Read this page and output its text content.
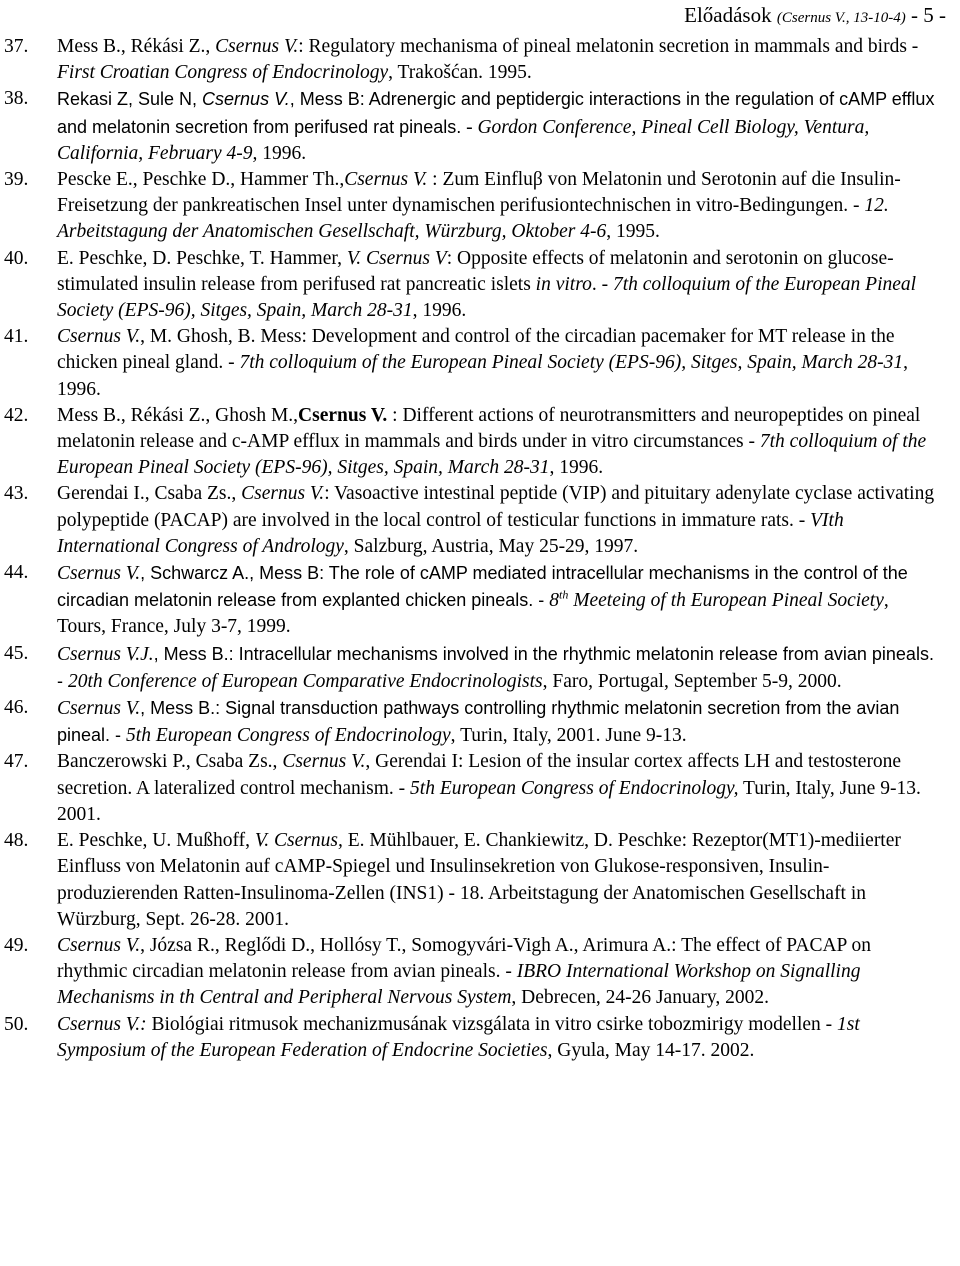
Előadások (Csernus V., 13-10-4) - 5 -
37. Mess B., Rékási Z., Csernus V.: Regulatory mechanisma of pineal melatonin secretion in mammals and birds - First Croatian Congress of Endocrinology, Trakošćan. 1995.

38. Rekasi Z, Sule N, Csernus V., Mess B: Adrenergic and peptidergic interactions in the regulation of cAMP efflux and melatonin secretion from perifused rat pineals. - Gordon Conference, Pineal Cell Biology, Ventura, California, February 4-9, 1996.

39. Pescke E., Peschke D., Hammer Th.,Csernus V. : Zum Einfluβ von Melatonin und Serotonin auf die Insulin-Freisetzung der pankreatischen Insel unter dynamischen perifusiontechnischen in vitro-Bedingungen. - 12. Arbeitstagung der Anatomischen Gesellschaft, Würzburg, Oktober 4-6, 1995.

40. E. Peschke, D. Peschke, T. Hammer, V. Csernus V: Opposite effects of melatonin and serotonin on glucose-stimulated insulin release from perifused rat pancreatic islets in vitro. - 7th colloquium of the European Pineal Society (EPS-96), Sitges, Spain, March 28-31, 1996.

41. Csernus V., M. Ghosh, B. Mess: Development and control of the circadian pacemaker for MT release in the chicken pineal gland. - 7th colloquium of the European Pineal Society (EPS-96), Sitges, Spain, March 28-31, 1996.

42. Mess B., Rékási Z., Ghosh M.,Csernus V. : Different actions of neurotransmitters and neuropeptides on pineal melatonin release and c-AMP efflux in mammals and birds under in vitro circumstances - 7th colloquium of the European Pineal Society (EPS-96), Sitges, Spain, March 28-31, 1996.

43. Gerendai I., Csaba Zs., Csernus V.: Vasoactive intestinal peptide (VIP) and pituitary adenylate cyclase activating polypeptide (PACAP) are involved in the local control of testicular functions in immature rats. - VIth International Congress of Andrology, Salzburg, Austria, May 25-29, 1997.

44. Csernus V., Schwarcz A., Mess B: The role of cAMP mediated intracellular mechanisms in the control of the circadian melatonin release from explanted chicken pineals. - 8th Meeteing of th European Pineal Society, Tours, France, July 3-7, 1999.

45. Csernus V.J., Mess B.: Intracellular mechanisms involved in the rhythmic melatonin release from avian pineals. - 20th Conference of European Comparative Endocrinologists, Faro, Portugal, September 5-9, 2000.

46. Csernus V., Mess B.: Signal transduction pathways controlling rhythmic melatonin secretion from the avian pineal. - 5th European Congress of Endocrinology, Turin, Italy, 2001. June 9-13.

47. Banczerowski P., Csaba Zs., Csernus V., Gerendai I: Lesion of the insular cortex affects LH and testosterone secretion. A lateralized control mechanism. - 5th European Congress of Endocrinology, Turin, Italy, June 9-13. 2001.

48. E. Peschke, U. Mußhoff, V. Csernus, E. Mühlbauer, E. Chankiewitz, D. Peschke: Rezeptor(MT1)-mediierter Einfluss von Melatonin auf cAMP-Spiegel und Insulinsekretion von Glukose-responsiven, Insulin-produzierenden Ratten-Insulinoma-Zellen (INS1) - 18. Arbeitstagung der Anatomischen Gesellschaft in Würzburg, Sept. 26-28. 2001.

49. Csernus V., Józsa R., Reglődi D., Hollósy T., Somogyvári-Vigh A., Arimura A.: The effect of PACAP on rhythmic circadian melatonin release from avian pineals. - IBRO International Workshop on Signalling Mechanisms in th Central and Peripheral Nervous System, Debrecen, 24-26 January, 2002.

50. Csernus V.: Biológiai ritmusok mechanizmusának vizsgálata in vitro csirke tobozmirigy modellen - 1st Symposium of the European Federation of Endocrine Societies, Gyula, May 14-17. 2002.
